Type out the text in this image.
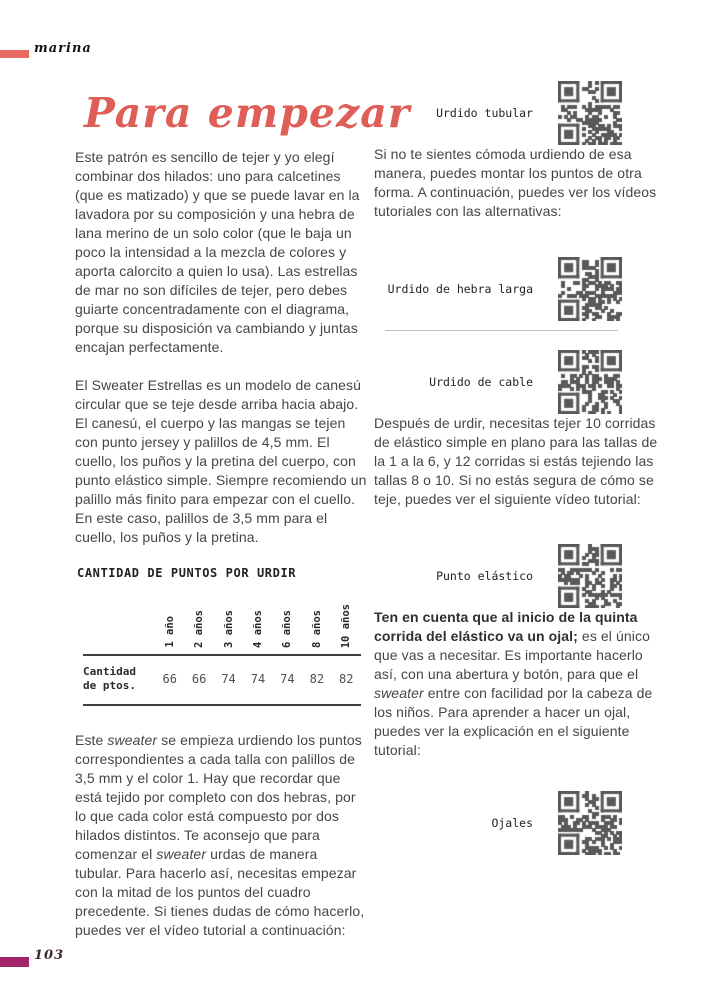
marina
Para empezar

Este patrón es sencillo de tejer y yo elegí combinar dos hilados: uno para calcetines (que es matizado) y que se puede lavar en la lavadora por su composición y una hebra de lana merino de un solo color (que le baja un poco la intensidad a la mezcla de colores y aporta calorcito a quien lo usa). Las estrellas de mar no son difíciles de tejer, pero debes guiarte concentradamente con el diagrama, porque su disposición va cambiando y juntas encajan perfectamente.

El Sweater Estrellas es un modelo de canesú circular que se teje desde arriba hacia abajo. El canesú, el cuerpo y las mangas se tejen con punto jersey y palillos de 4,5 mm. El cuello, los puños y la pretina del cuerpo, con punto elástico simple. Siempre recomiendo un palillo más finito para empezar con el cuello. En este caso, palillos de 3,5 mm para el cuello, los puños y la pretina.

CANTIDAD DE PUNTOS POR URDIR
1 año 2 años 3 años 4 años 6 años 8 años 10 años
Cantidad de ptos.	66	66	74	74	74	82	82

Este sweater se empieza urdiendo los puntos correspondientes a cada talla con palillos de 3,5 mm y el color 1. Hay que recordar que está tejido por completo con dos hebras, por lo que cada color está compuesto por dos hilados distintos. Te aconsejo que para comenzar el sweater urdas de manera tubular. Para hacerlo así, necesitas empezar con la mitad de los puntos del cuadro precedente. Si tienes dudas de cómo hacerlo, puedes ver el vídeo tutorial a continuación:

Urdido tubular

Si no te sientes cómoda urdiendo de esa manera, puedes montar los puntos de otra forma. A continuación, puedes ver los vídeos tutoriales con las alternativas:

Urdido de hebra larga
Urdido de cable

Después de urdir, necesitas tejer 10 corridas de elástico simple en plano para las tallas de la 1 a la 6, y 12 corridas si estás tejiendo las tallas 8 o 10. Si no estás segura de cómo se teje, puedes ver el siguiente vídeo tutorial:

Punto elástico

Ten en cuenta que al inicio de la quinta corrida del elástico va un ojal; es el único que vas a necesitar. Es importante hacerlo así, con una abertura y botón, para que el sweater entre con facilidad por la cabeza de los niños. Para aprender a hacer un ojal, puedes ver la explicación en el siguiente tutorial:

Ojales
103
